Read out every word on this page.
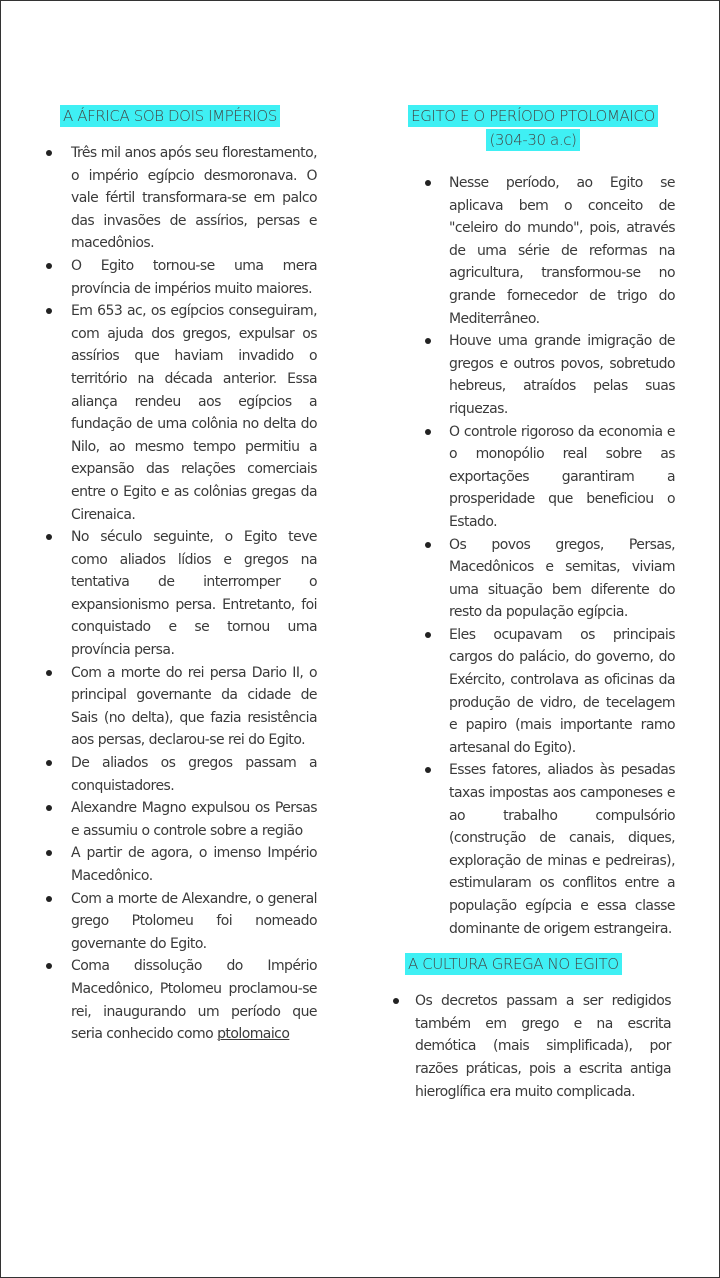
A ÁFRICA SOB DOIS IMPÉRIOS

Três mil anos após seu florestamento, o império egípcio desmoronava. O vale fértil transformara-se em palco das invasões de assírios, persas e macedônios.
O Egito tornou-se uma mera província de impérios muito maiores.
Em 653 ac, os egípcios conseguiram, com ajuda dos gregos, expulsar os assírios que haviam invadido o território na década anterior. Essa aliança rendeu aos egípcios a fundação de uma colônia no delta do Nilo, ao mesmo tempo permitiu a expansão das relações comerciais entre o Egito e as colônias gregas da Cirenaica.
No século seguinte, o Egito teve como aliados lídios e gregos na tentativa de interromper o expansionismo persa. Entretanto, foi conquistado e se tornou uma província persa.
Com a morte do rei persa Dario II, o principal governante da cidade de Sais (no delta), que fazia resistência aos persas, declarou-se rei do Egito.
De aliados os gregos passam a conquistadores.
Alexandre Magno expulsou os Persas e assumiu o controle sobre a região
A partir de agora, o imenso Império Macedônico.
Com a morte de Alexandre, o general grego Ptolomeu foi nomeado governante do Egito.
Coma dissolução do Império Macedônico, Ptolomeu proclamou-se rei, inaugurando um período que seria conhecido como ptolomaico

EGITO E O PERÍODO PTOLOMAICO
(304-30 a.c)

Nesse período, ao Egito se aplicava bem o conceito de "celeiro do mundo", pois, através de uma série de reformas na agricultura, transformou-se no grande fornecedor de trigo do Mediterrâneo.
Houve uma grande imigração de gregos e outros povos, sobretudo hebreus, atraídos pelas suas riquezas.
O controle rigoroso da economia e o monopólio real sobre as exportações garantiram a prosperidade que beneficiou o Estado.
Os povos gregos, Persas, Macedônicos e semitas, viviam uma situação bem diferente do resto da população egípcia.
Eles ocupavam os principais cargos do palácio, do governo, do Exército, controlava as oficinas da produção de vidro, de tecelagem e papiro (mais importante ramo artesanal do Egito).
Esses fatores, aliados às pesadas taxas impostas aos camponeses e ao trabalho compulsório (construção de canais, diques, exploração de minas e pedreiras), estimularam os conflitos entre a população egípcia e essa classe dominante de origem estrangeira.

A CULTURA GREGA NO EGITO

Os decretos passam a ser redigidos também em grego e na escrita demótica (mais simplificada), por razões práticas, pois a escrita antiga hieroglífica era muito complicada.
